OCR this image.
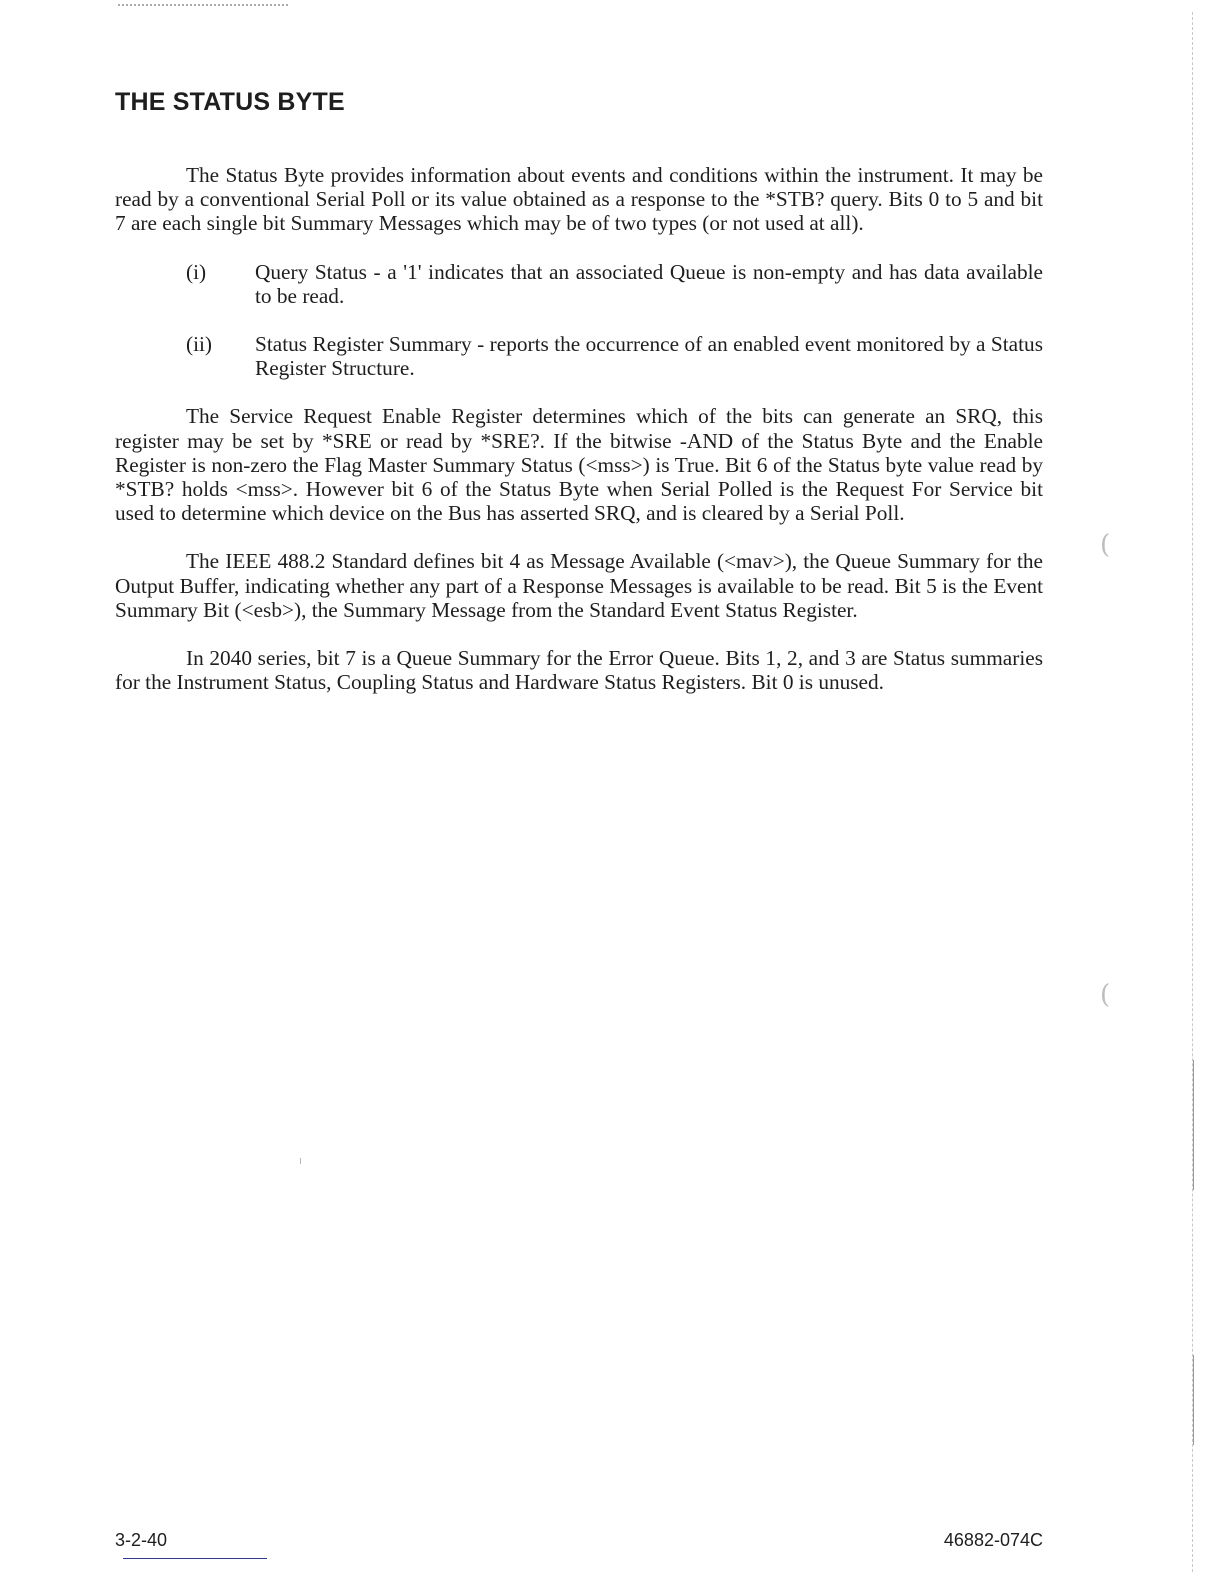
(
(
THE STATUS BYTE

The Status Byte provides information about events and conditions within the instrument. It may be read by a conventional Serial Poll or its value obtained as a response to the *STB? query. Bits 0 to 5 and bit 7 are each single bit Summary Messages which may be of two types (or not used at all).

(i) Query Status - a '1' indicates that an associated Queue is non-empty and has data available to be read.
(ii) Status Register Summary - reports the occurrence of an enabled event monitored by a Status Register Structure.

The Service Request Enable Register determines which of the bits can generate an SRQ, this register may be set by *SRE or read by *SRE?. If the bitwise -AND of the Status Byte and the Enable Register is non-zero the Flag Master Summary Status (<mss>) is True. Bit 6 of the Status byte value read by *STB? holds <mss>. However bit 6 of the Status Byte when Serial Polled is the Request For Service bit used to determine which device on the Bus has asserted SRQ, and is cleared by a Serial Poll.

The IEEE 488.2 Standard defines bit 4 as Message Available (<mav>), the Queue Summary for the Output Buffer, indicating whether any part of a Response Messages is available to be read. Bit 5 is the Event Summary Bit (<esb>), the Summary Message from the Standard Event Status Register.

In 2040 series, bit 7 is a Queue Summary for the Error Queue. Bits 1, 2, and 3 are Status summaries for the Instrument Status, Coupling Status and Hardware Status Registers. Bit 0 is unused.

3-2-40	46882-074C
